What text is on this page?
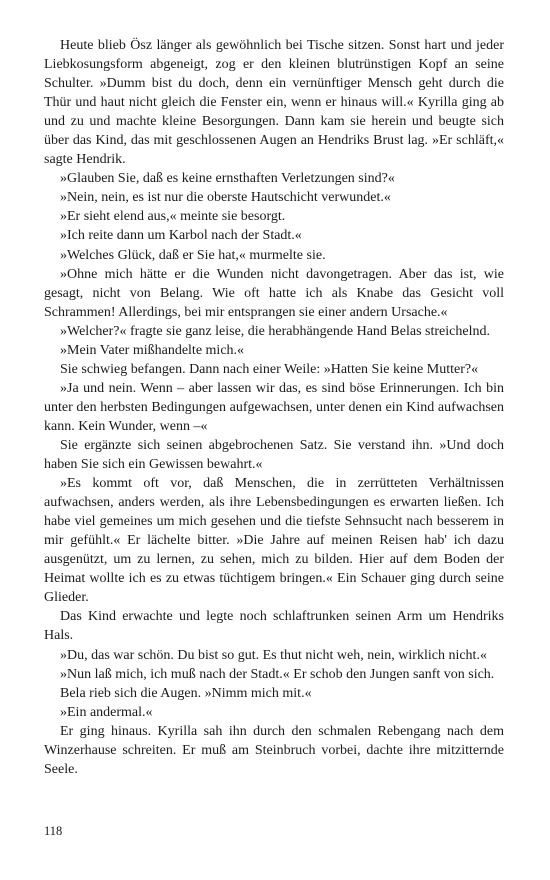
Heute blieb Ösz länger als gewöhnlich bei Tische sitzen. Sonst hart und jeder Liebkosungsform abgeneigt, zog er den kleinen blutrünstigen Kopf an seine Schulter. »Dumm bist du doch, denn ein vernünftiger Mensch geht durch die Thür und haut nicht gleich die Fenster ein, wenn er hinaus will.« Kyrilla ging ab und zu und machte kleine Besorgungen. Dann kam sie herein und beugte sich über das Kind, das mit geschlossenen Augen an Hendriks Brust lag. »Er schläft,« sagte Hendrik.

»Glauben Sie, daß es keine ernsthaften Verletzungen sind?«

»Nein, nein, es ist nur die oberste Hautschicht verwundet.«

»Er sieht elend aus,« meinte sie besorgt.

»Ich reite dann um Karbol nach der Stadt.«

»Welches Glück, daß er Sie hat,« murmelte sie.

»Ohne mich hätte er die Wunden nicht davongetragen. Aber das ist, wie gesagt, nicht von Belang. Wie oft hatte ich als Knabe das Gesicht voll Schrammen! Allerdings, bei mir entsprangen sie einer andern Ursache.«

»Welcher?« fragte sie ganz leise, die herabhängende Hand Belas streichelnd.

»Mein Vater mißhandelte mich.«

Sie schwieg befangen. Dann nach einer Weile: »Hatten Sie keine Mutter?«

»Ja und nein. Wenn – aber lassen wir das, es sind böse Erinnerungen. Ich bin unter den herbsten Bedingungen aufgewachsen, unter denen ein Kind aufwachsen kann. Kein Wunder, wenn –«

Sie ergänzte sich seinen abgebrochenen Satz. Sie verstand ihn. »Und doch haben Sie sich ein Gewissen bewahrt.«

»Es kommt oft vor, daß Menschen, die in zerrütteten Verhältnissen aufwachsen, anders werden, als ihre Lebensbedingungen es erwarten ließen. Ich habe viel gemeines um mich gesehen und die tiefste Sehnsucht nach besserem in mir gefühlt.« Er lächelte bitter. »Die Jahre auf meinen Reisen hab' ich dazu ausgenützt, um zu lernen, zu sehen, mich zu bilden. Hier auf dem Boden der Heimat wollte ich es zu etwas tüchtigem bringen.« Ein Schauer ging durch seine Glieder.

Das Kind erwachte und legte noch schlaftrunken seinen Arm um Hendriks Hals.

»Du, das war schön. Du bist so gut. Es thut nicht weh, nein, wirklich nicht.«

»Nun laß mich, ich muß nach der Stadt.« Er schob den Jungen sanft von sich.

Bela rieb sich die Augen. »Nimm mich mit.«

»Ein andermal.«

Er ging hinaus. Kyrilla sah ihn durch den schmalen Rebengang nach dem Winzerhause schreiten. Er muß am Steinbruch vorbei, dachte ihre mitzitternde Seele.

118
